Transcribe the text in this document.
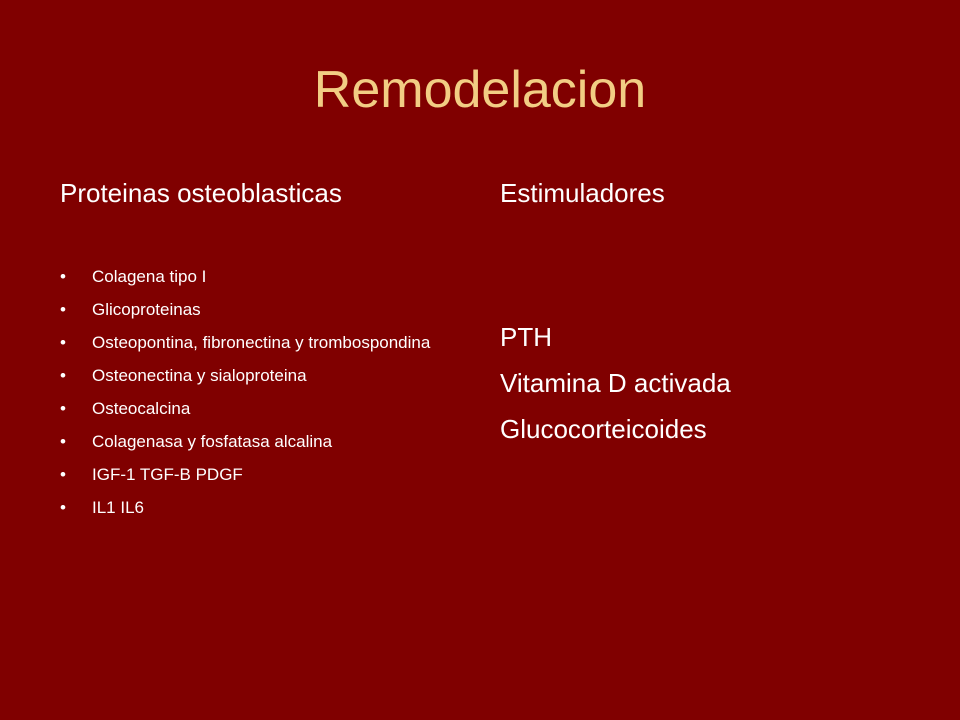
Remodelacion
Proteinas osteoblasticas	Estimuladores
•	Colagena tipo I
•	Glicoproteinas
•	Osteopontina, fibronectina y trombospondina
•	Osteonectina y sialoproteina
•	Osteocalcina
•	Colagenasa y fosfatasa alcalina
•	IGF-1 TGF-B PDGF
•	IL1 IL6
PTH
Vitamina D activada
Glucocorteicoides
